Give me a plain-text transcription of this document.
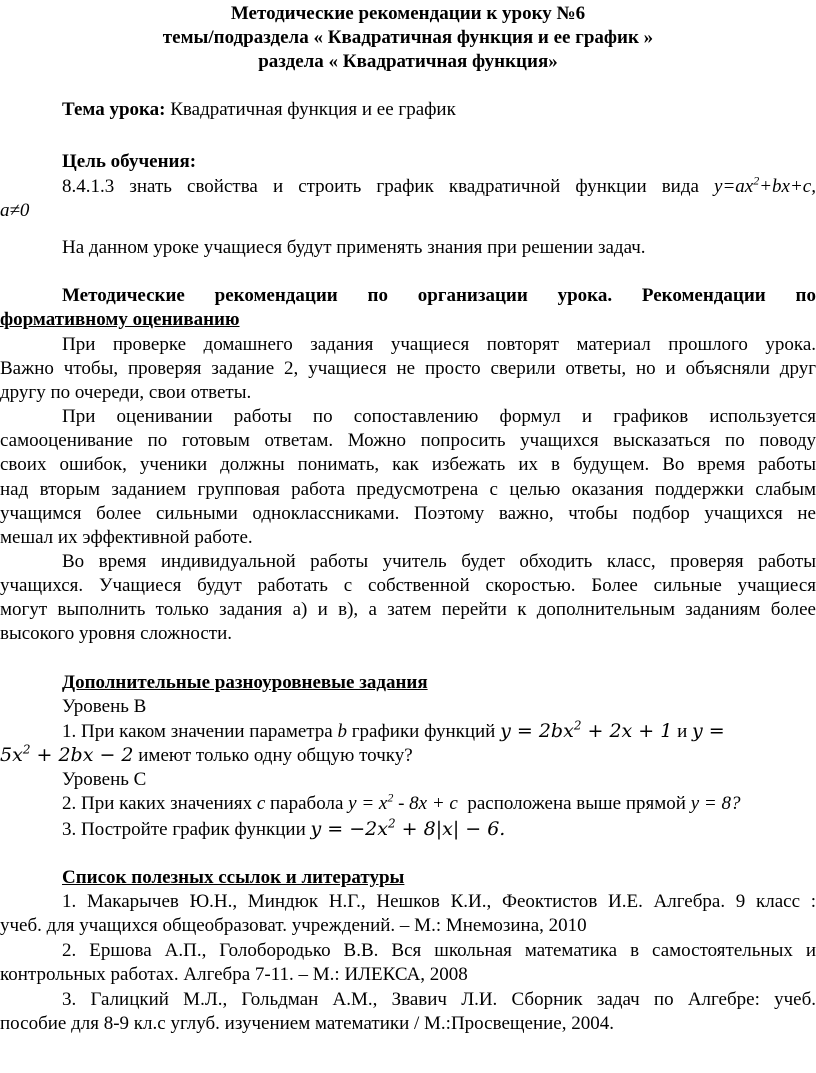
Методические рекомендации к уроку №6
темы/подраздела « Квадратичная функция и ее график »
раздела « Квадратичная функция»
Тема урока: Квадратичная функция и ее график
Цель обучения:
8.4.1.3 знать свойства и строить график квадратичной функции вида $y=ax^2+bx+c$,
a≠0
На данном уроке учащиеся будут применять знания при решении задач.
Методические рекомендации по организации урока. Рекомендации по
формативному оцениванию
При проверке домашнего задания учащиеся повторят материал прошлого урока.
Важно чтобы, проверяя задание 2, учащиеся не просто сверили ответы, но и объясняли друг
другу по очереди, свои ответы.
При оценивании работы по сопоставлению формул и графиков используется
самооценивание по готовым ответам. Можно попросить учащихся высказаться по поводу
своих ошибок, ученики должны понимать, как избежать их в будущем. Во время работы
над вторым заданием групповая работа предусмотрена с целью оказания поддержки слабым
учащимся более сильными одноклассниками. Поэтому важно, чтобы подбор учащихся не
мешал их эффективной работе.
Во время индивидуальной работы учитель будет обходить класс, проверяя работы
учащихся. Учащиеся будут работать с собственной скоростью. Более сильные учащиеся
могут выполнить только задания а) и в), а затем перейти к дополнительным заданиям более
высокого уровня сложности.
Дополнительные разноуровневые задания
Уровень В
1. При каком значении параметра b графики функций $y = 2bx^2 + 2x + 1$ и y =
$5x^2 + 2bx - 2$ имеют только одну общую точку?
Уровень С
2. При каких значениях c парабола $y = x^2 - 8x + c$ расположена выше прямой y = 8?
3. Постройте график функции $y = -2x^2 + 8|x| - 6$.
Список полезных ссылок и литературы
1. Макарычев Ю.Н., Миндюк Н.Г., Нешков К.И., Феоктистов И.Е. Алгебра. 9 класс :
учеб. для учащихся общеобразоват. учреждений. – М.: Мнемозина, 2010
2. Ершова А.П., Голобородько В.В. Вся школьная математика в самостоятельных и
контрольных работах. Алгебра 7-11. – М.: ИЛЕКСА, 2008
3. Галицкий М.Л., Гольдман А.М., Звавич Л.И. Сборник задач по Алгебре: учеб.
пособие для 8-9 кл.с углуб. изучением математики / М.:Просвещение, 2004.
